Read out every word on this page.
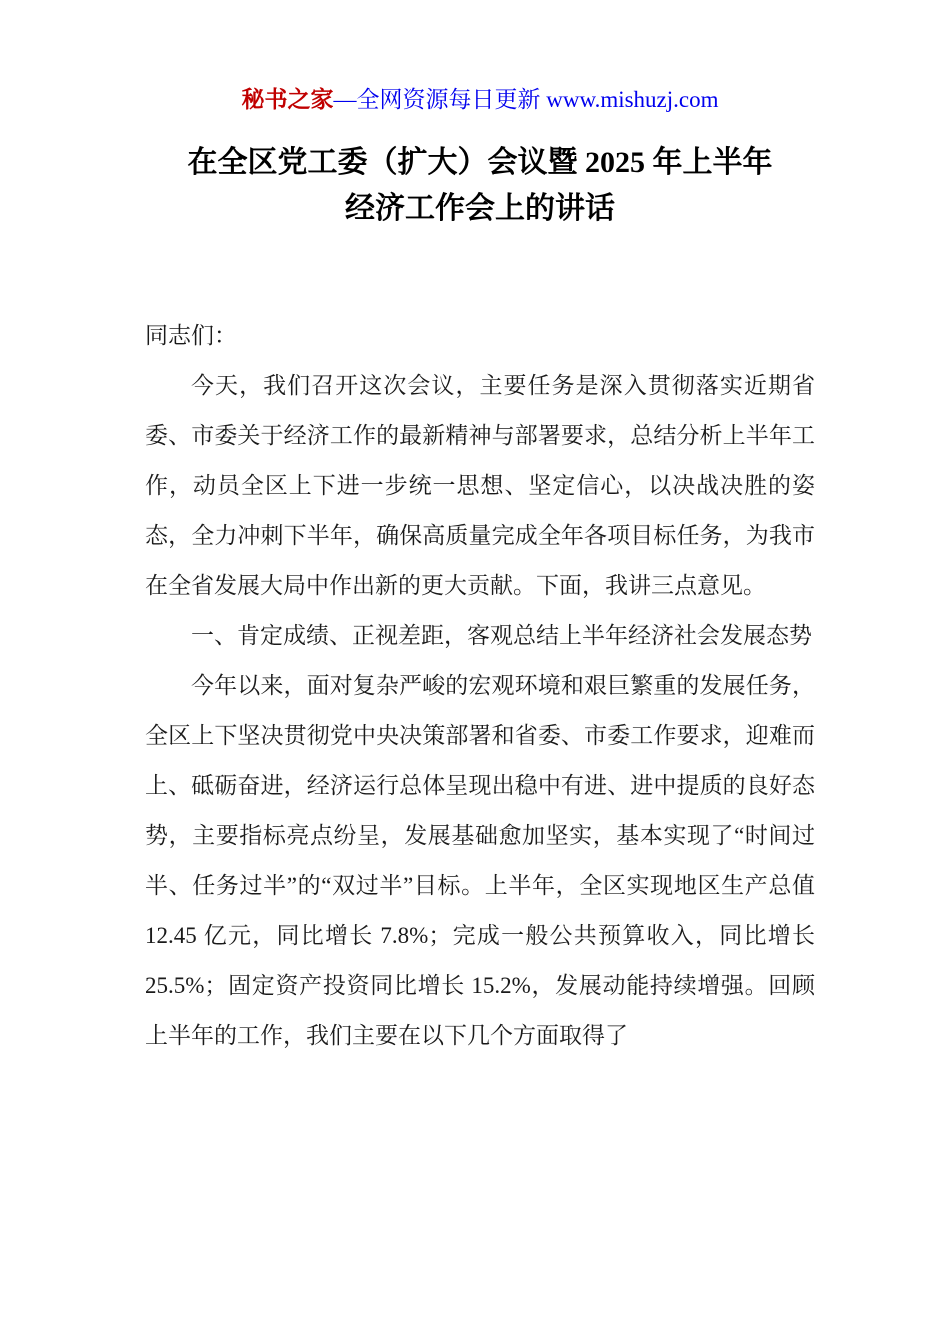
秘书之家—全网资源每日更新 www.mishuzj.com
在全区党工委（扩大）会议暨 2025 年上半年
经济工作会上的讲话

同志们：

今天，我们召开这次会议，主要任务是深入贯彻落实近期省委、市委关于经济工作的最新精神与部署要求，总结分析上半年工作，动员全区上下进一步统一思想、坚定信心，以决战决胜的姿态，全力冲刺下半年，确保高质量完成全年各项目标任务，为我市在全省发展大局中作出新的更大贡献。下面，我讲三点意见。

一、肯定成绩、正视差距，客观总结上半年经济社会发展态势

今年以来，面对复杂严峻的宏观环境和艰巨繁重的发展任务，全区上下坚决贯彻党中央决策部署和省委、市委工作要求，迎难而上、砥砺奋进，经济运行总体呈现出稳中有进、进中提质的良好态势，主要指标亮点纷呈，发展基础愈加坚实，基本实现了“时间过半、任务过半”的“双过半”目标。上半年，全区实现地区生产总值 12.45 亿元，同比增长 7.8%；完成一般公共预算收入，同比增长 25.5%；固定资产投资同比增长 15.2%，发展动能持续增强。回顾上半年的工作，我们主要在以下几个方面取得了
